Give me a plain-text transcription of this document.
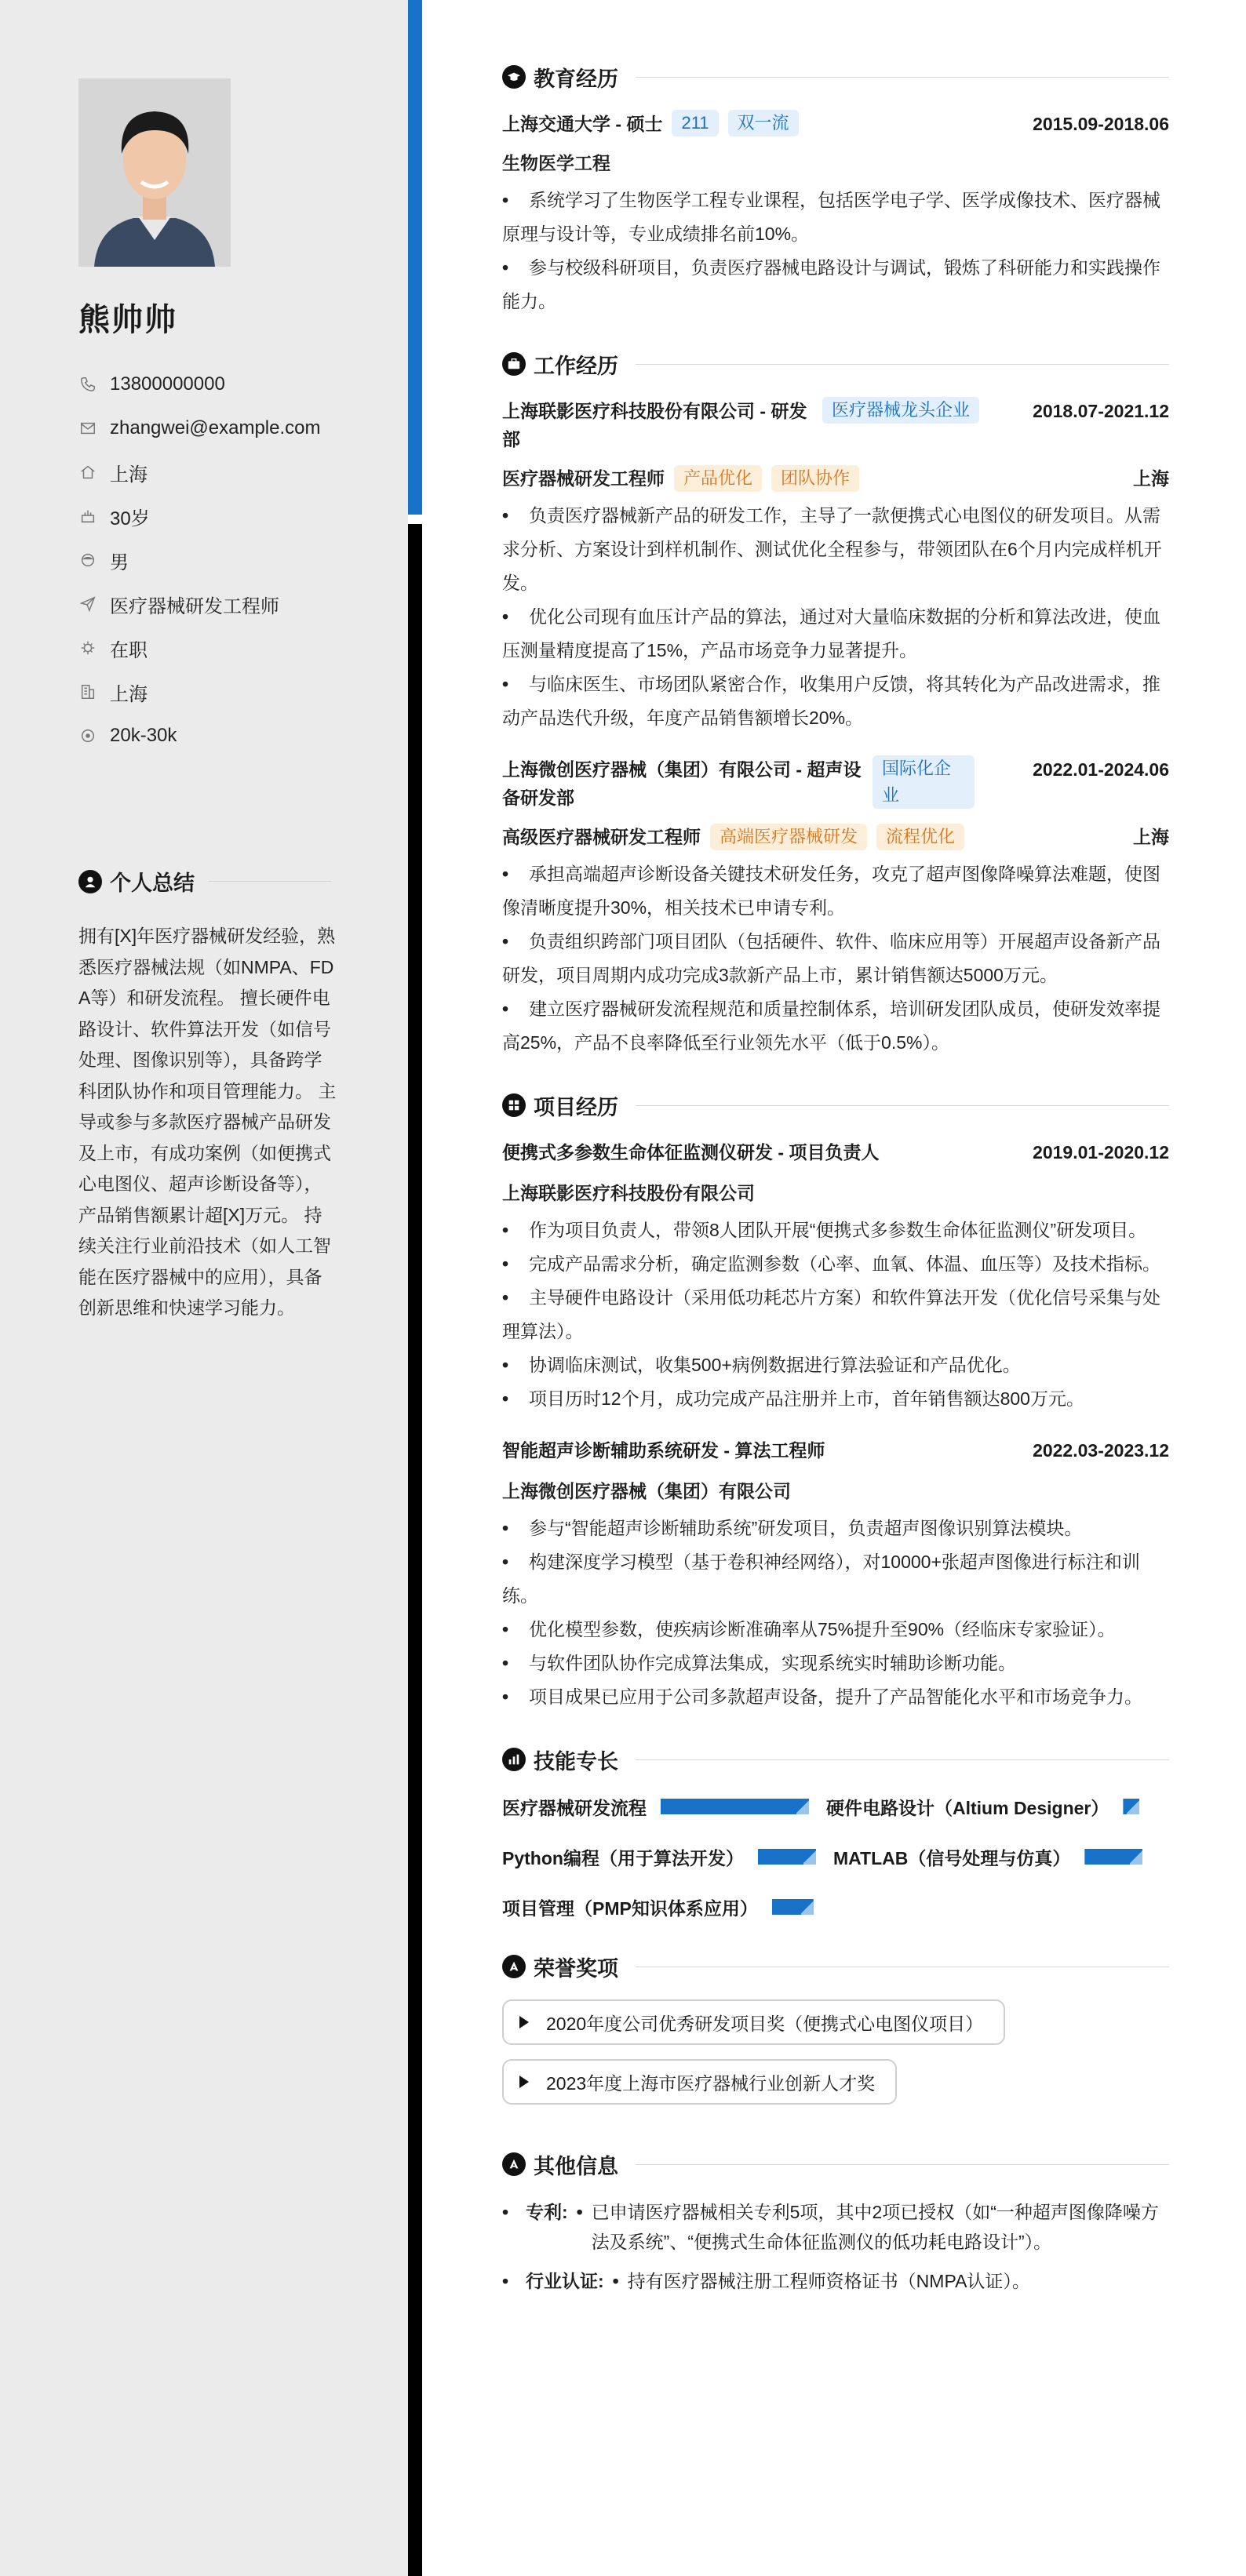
熊帅帅
13800000000
zhangwei@example.com
上海
30岁
男
医疗器械研发工程师
在职
上海
20k-30k
个人总结
拥有[X]年医疗器械研发经验，熟悉医疗器械法规（如NMPA、FDA等）和研发流程。 擅长硬件电路设计、软件算法开发（如信号处理、图像识别等），具备跨学科团队协作和项目管理能力。 主导或参与多款医疗器械产品研发及上市，有成功案例（如便携式心电图仪、超声诊断设备等），产品销售额累计超[X]万元。 持续关注行业前沿技术（如人工智能在医疗器械中的应用），具备创新思维和快速学习能力。
教育经历
上海交通大学 - 硕士	211	双一流	2015.09-2018.06
生物医学工程
• 系统学习了生物医学工程专业课程，包括医学电子学、医学成像技术、医疗器械原理与设计等，专业成绩排名前10%。
• 参与校级科研项目，负责医疗器械电路设计与调试，锻炼了科研能力和实践操作能力。
工作经历
上海联影医疗科技股份有限公司 - 研发部
医疗器械龙头企业	2018.07-2021.12
医疗器械研发工程师	产品优化	团队协作	上海
• 负责医疗器械新产品的研发工作，主导了一款便携式心电图仪的研发项目。从需求分析、方案设计到样机制作、测试优化全程参与，带领团队在6个月内完成样机开发。
• 优化公司现有血压计产品的算法，通过对大量临床数据的分析和算法改进，使血压测量精度提高了15%，产品市场竞争力显著提升。
• 与临床医生、市场团队紧密合作，收集用户反馈，将其转化为产品改进需求，推动产品迭代升级，年度产品销售额增长20%。
上海微创医疗器械（集团）有限公司 - 超声设备研发部
国际化企业
2022.01-2024.06
高级医疗器械研发工程师	高端医疗器械研发	流程优化	上海
• 承担高端超声诊断设备关键技术研发任务，攻克了超声图像降噪算法难题，使图像清晰度提升30%，相关技术已申请专利。
• 负责组织跨部门项目团队（包括硬件、软件、临床应用等）开展超声设备新产品研发，项目周期内成功完成3款新产品上市，累计销售额达5000万元。
• 建立医疗器械研发流程规范和质量控制体系，培训研发团队成员，使研发效率提高25%，产品不良率降低至行业领先水平（低于0.5%）。
项目经历
便携式多参数生命体征监测仪研发 - 项目负责人	2019.01-2020.12
上海联影医疗科技股份有限公司
• 作为项目负责人，带领8人团队开展“便携式多参数生命体征监测仪”研发项目。
• 完成产品需求分析，确定监测参数（心率、血氧、体温、血压等）及技术指标。
• 主导硬件电路设计（采用低功耗芯片方案）和软件算法开发（优化信号采集与处理算法）。
• 协调临床测试，收集500+病例数据进行算法验证和产品优化。
• 项目历时12个月，成功完成产品注册并上市，首年销售额达800万元。
智能超声诊断辅助系统研发 - 算法工程师	2022.03-2023.12
上海微创医疗器械（集团）有限公司
• 参与“智能超声诊断辅助系统”研发项目，负责超声图像识别算法模块。
• 构建深度学习模型（基于卷积神经网络），对10000+张超声图像进行标注和训练。
• 优化模型参数，使疾病诊断准确率从75%提升至90%（经临床专家验证）。
• 与软件团队协作完成算法集成，实现系统实时辅助诊断功能。
• 项目成果已应用于公司多款超声设备，提升了产品智能化水平和市场竞争力。
技能专长
医疗器械研发流程	硬件电路设计（Altium Designer）
Python编程（用于算法开发）	MATLAB（信号处理与仿真）
项目管理（PMP知识体系应用）
荣誉奖项
2020年度公司优秀研发项目奖（便携式心电图仪项目）
2023年度上海市医疗器械行业创新人才奖
其他信息
• 专利: • 已申请医疗器械相关专利5项，其中2项已授权（如“一种超声图像降噪方法及系统”、“便携式生命体征监测仪的低功耗电路设计”）。
• 行业认证: • 持有医疗器械注册工程师资格证书（NMPA认证）。
